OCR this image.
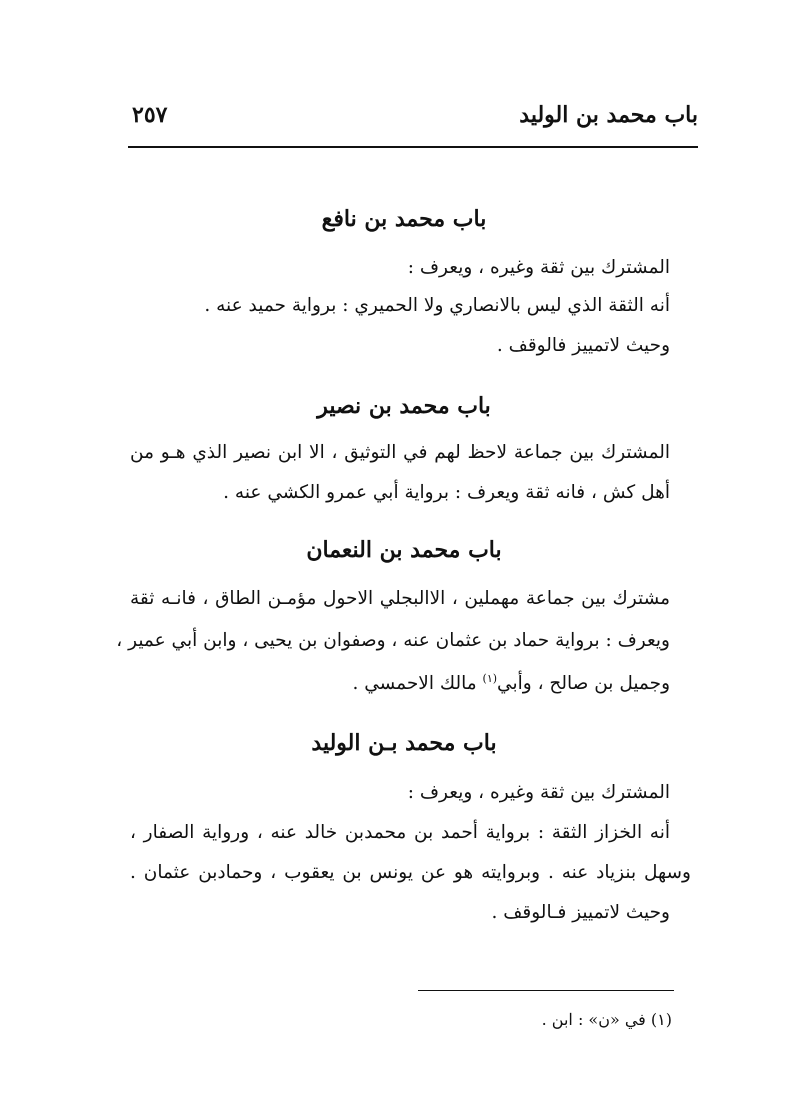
باب محمد بن الوليد
٢٥٧
باب محمد بن نافع
المشترك بين ثقة وغيره ، ويعرف :
أنه الثقة الذي ليس بالانصاري ولا الحميري : برواية حميد عنه .
وحيث لاتمييز فالوقف .
باب محمد بن نصير
المشترك بين جماعة لاحظ لهم في التوثيق ، الا ابن نصير الذي هـو من
أهل كش ، فانه ثقة ويعرف : برواية أبي عمرو الكشي عنه .
باب محمد بن النعمان
مشترك بين جماعة مهملين ، الاالبجلي الاحول مؤمـن الطاق ، فانـه ثقة
ويعرف : برواية حماد بن عثمان عنه ، وصفوان بن يحيى ، وابن أبي عمير ،
وجميل بن صالح ، وأبي$^{(١)}$ مالك الاحمسي .
باب محمد بـن الوليد
المشترك بين ثقة وغيره ، ويعرف :
أنه الخزاز الثقة : برواية أحمد بن محمدبن خالد عنه ، ورواية الصفار ،
وسهل بنزياد عنه . وبروايته هو عن يونس بن يعقوب ، وحمادبن عثمان .
وحيث لاتمييز فـالوقف .
(١) في «ن» : ابن .
